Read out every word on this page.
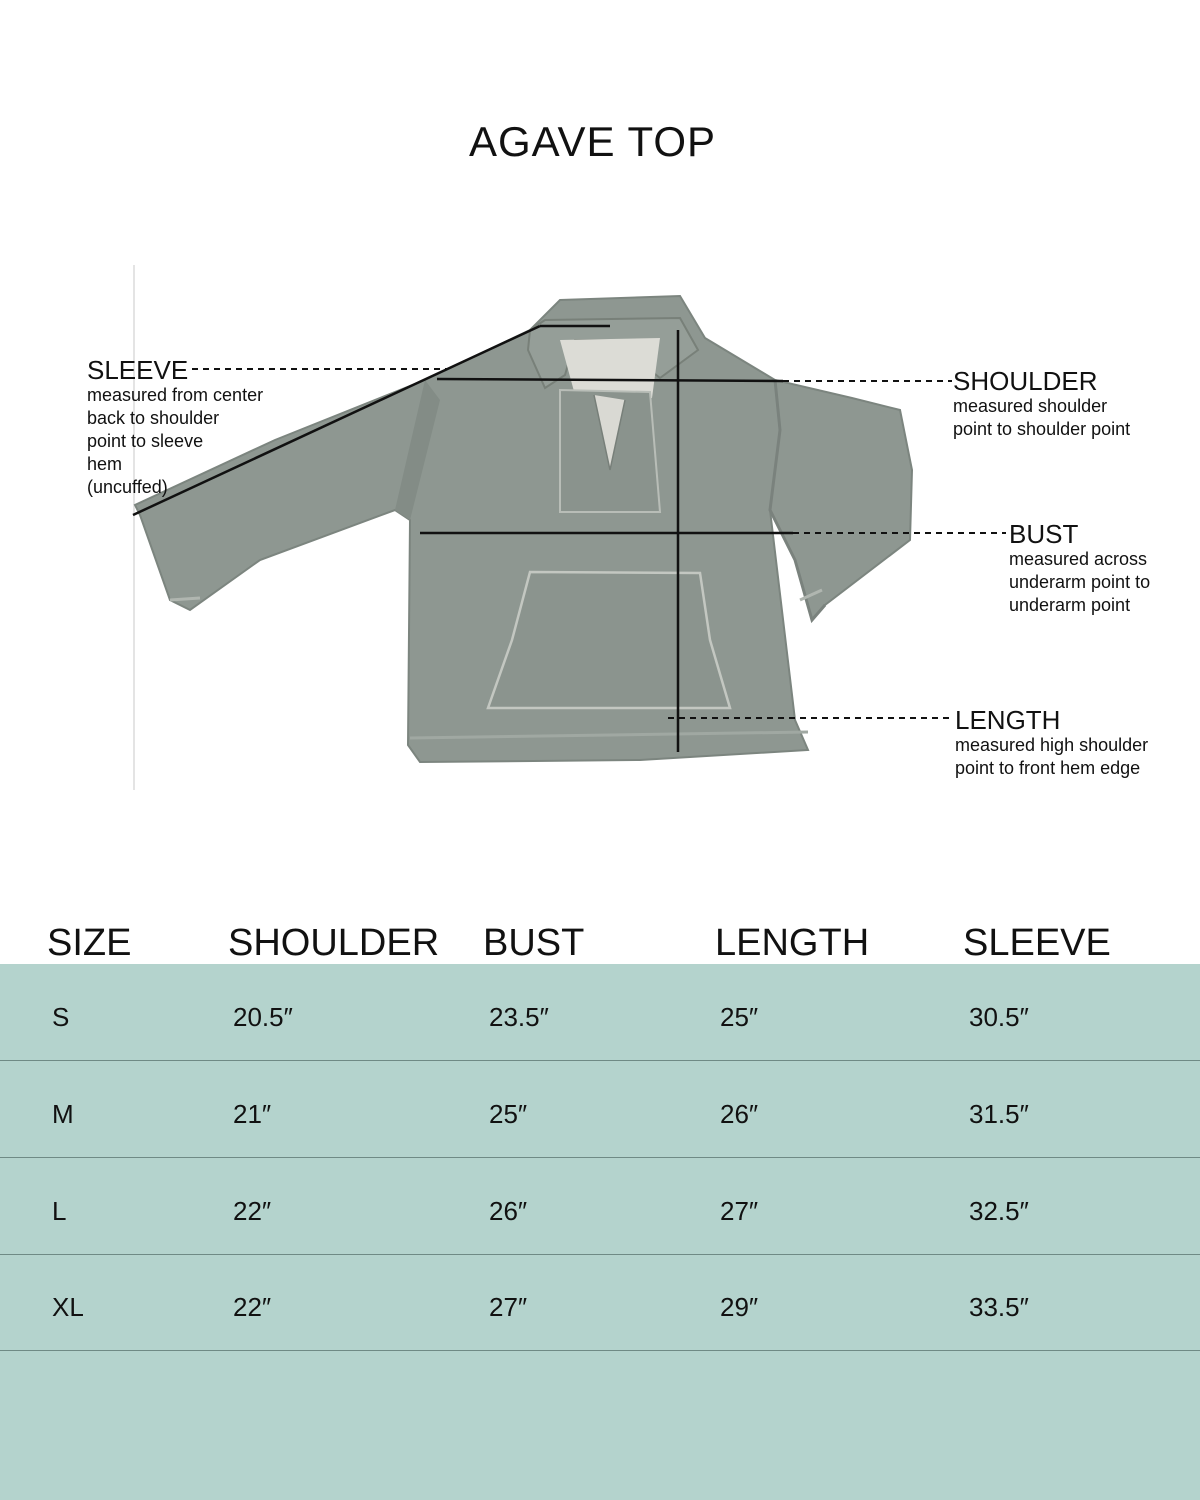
AGAVE TOP
SLEEVE
measured from center
back to shoulder
point to sleeve
hem
(uncuffed)
SHOULDER
measured shoulder
point to shoulder point
BUST
measured across
underarm point to
underarm point
LENGTH
measured high shoulder
point to front hem edge
SIZE	SHOULDER BUST	LENGTH SLEEVE
S	20.5″	23.5″	25″	30.5″
M	21″	25″	26″	31.5″
L	22″	26″	27″	32.5″
XL	22″	27″	29″	33.5″
